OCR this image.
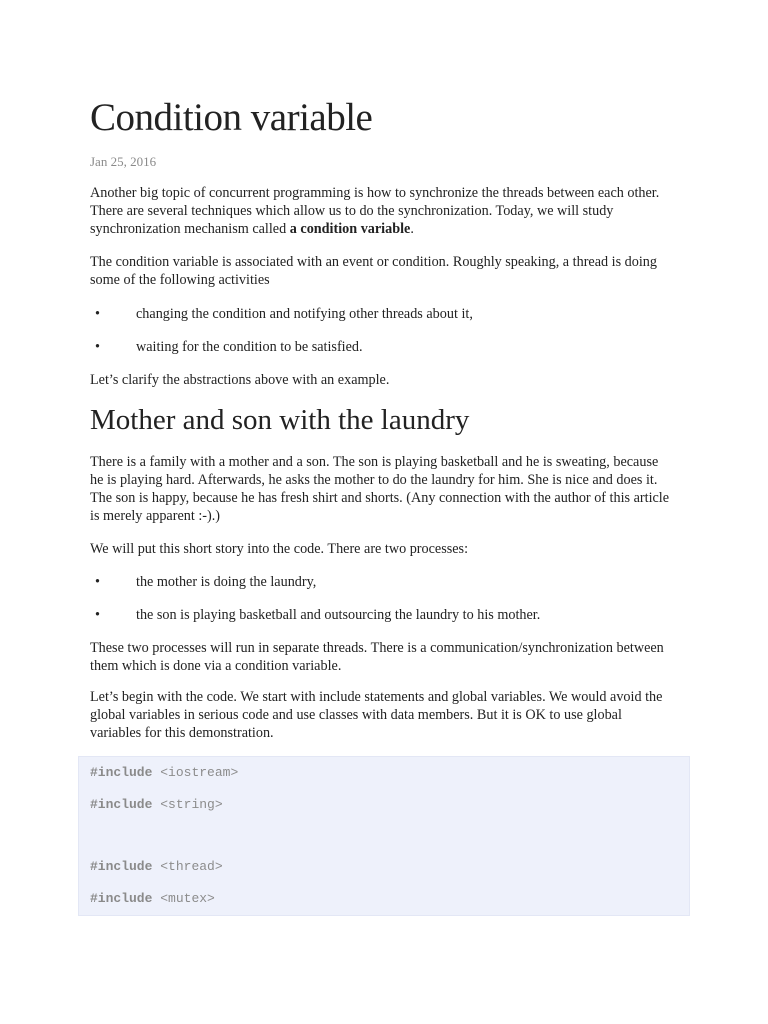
Condition variable
Jan 25, 2016

Another big topic of concurrent programming is how to synchronize the threads between each other. There are several techniques which allow us to do the synchronization. Today, we will study synchronization mechanism called a condition variable.

The condition variable is associated with an event or condition. Roughly speaking, a thread is doing some of the following activities

•	changing the condition and notifying other threads about it,
•	waiting for the condition to be satisfied.

Let’s clarify the abstractions above with an example.

Mother and son with the laundry

There is a family with a mother and a son. The son is playing basketball and he is sweating, because he is playing hard. Afterwards, he asks the mother to do the laundry for him. She is nice and does it. The son is happy, because he has fresh shirt and shorts. (Any connection with the author of this article is merely apparent :-).)

We will put this short story into the code. There are two processes:

•	the mother is doing the laundry,
•	the son is playing basketball and outsourcing the laundry to his mother.

These two processes will run in separate threads. There is a communication/synchronization between them which is done via a condition variable.

Let’s begin with the code. We start with include statements and global variables. We would avoid the global variables in serious code and use classes with data members. But it is OK to use global variables for this demonstration.

#include <iostream>
#include <string>
#include <thread>
#include <mutex>
